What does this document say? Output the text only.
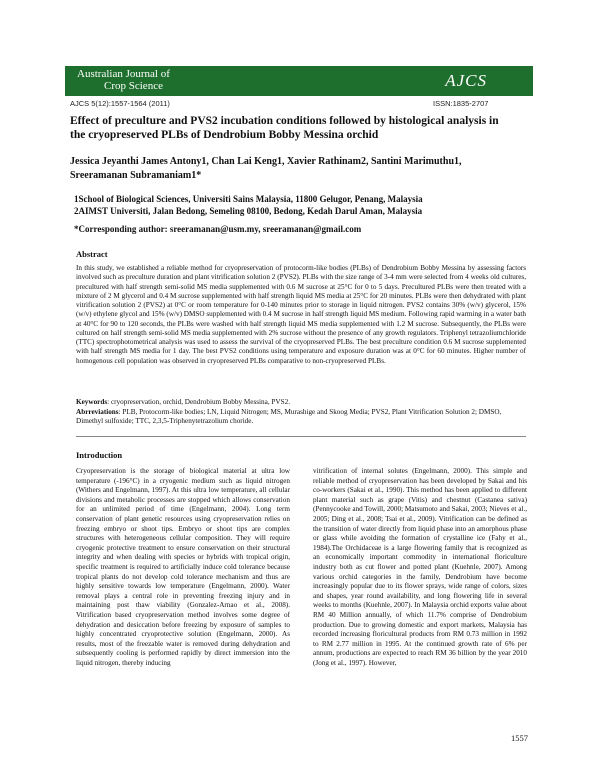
Australian Journal of
Crop Science	AJCS
AJCS 5(12):1557-1564 (2011)	ISSN:1835-2707
Effect of preculture and PVS2 incubation conditions followed by histological analysis in the cryopreserved PLBs of Dendrobium Bobby Messina orchid
Jessica Jeyanthi James Antony1, Chan Lai Keng1, Xavier Rathinam2, Santini Marimuthu1,
Sreeramanan Subramaniam1*
1School of Biological Sciences, Universiti Sains Malaysia, 11800 Gelugor, Penang, Malaysia
2AIMST Universiti, Jalan Bedong, Semeling 08100, Bedong, Kedah Darul Aman, Malaysia
*Corresponding author: sreeramanan@usm.my, sreeramanan@gmail.com
Abstract
In this study, we established a reliable method for cryopreservation of protocorm-like bodies (PLBs) of Dendrobium Bobby Messina by assessing factors involved such as preculture duration and plant vitrification solution 2 (PVS2). PLBs with the size range of 3-4 mm were selected from 4 weeks old cultures, precultured with half strength semi-solid MS media supplemented with 0.6 M sucrose at 25°C for 0 to 5 days. Precultured PLBs were then treated with a mixture of 2 M glycerol and 0.4 M sucrose supplemented with half strength liquid MS media at 25°C for 20 minutes. PLBs were then dehydrated with plant vitrification solution 2 (PVS2) at 0°C or room temperature for 0-140 minutes prior to storage in liquid nitrogen. PVS2 contains 30% (w/v) glycerol, 15% (w/v) ethylene glycol and 15% (w/v) DMSO supplemented with 0.4 M sucrose in half strength liquid MS medium. Following rapid warming in a water bath at 40°C for 90 to 120 seconds, the PLBs were washed with half strength liquid MS media supplemented with 1.2 M sucrose. Subsequently, the PLBs were cultured on half strength semi-solid MS media supplemented with 2% sucrose without the presence of any growth regulators. Triphenyl tetrazoliumchloride (TTC) spectrophotometrical analysis was used to assess the survival of the cryopreserved PLBs. The best preculture condition 0.6 M sucrose supplemented with half strength MS media for 1 day. The best PVS2 conditions using temperature and exposure duration was at 0°C for 60 minutes. Higher number of homogenous cell population was observed in cryopreserved PLBs comparative to non-cryopreserved PLBs.
Keywords: cryopreservation, orchid, Dendrobium Bobby Messina, PVS2.
Abrreviations: PLB, Protocorm-like bodies; LN, Liquid Nitrogen; MS, Murashige and Skoog Media; PVS2, Plant Vitrification Solution 2; DMSO, Dimethyl sulfoxide; TTC, 2,3,5-Triphenytetrazolium choride.
Introduction
Cryopreservation is the storage of biological material at ultra low temperature (-196°C) in a cryogenic medium such as liquid nitrogen (Withers and Engelmann, 1997). At this ultra low temperature, all cellular divisions and metabolic processes are stopped which allows conservation for an unlimited period of time (Engelmann, 2004). Long term conservation of plant genetic resources using cryopreservation relies on freezing embryo or shoot tips. Embryo or shoot tips are complex structures with heterogeneous cellular composition. They will require cryogenic protective treatment to ensure conservation on their structural integrity and when dealing with species or hybrids with tropical origin, specific treatment is required to artificially induce cold tolerance because tropical plants do not develop cold tolerance mechanism and thus are highly sensitive towards low temperature (Engelmann, 2000). Water removal plays a central role in preventing freezing injury and in maintaining post thaw viability (Gonzalez-Arnao et al., 2008). Vitrification based cryopreservation method involves some degree of dehydration and desiccation before freezing by exposure of samples to highly concentrated cryoprotective solution (Engelmann, 2000). As results, most of the freezable water is removed during dehydration and subsequently cooling is performed rapidly by direct immersion into the liquid nitrogen, thereby inducing
vitrification of internal solutes (Engelmann, 2000). This simple and reliable method of cryopreservation has been developed by Sakai and his co-workers (Sakai et al., 1990). This method has been applied to different plant material such as grape (Vitis) and chestnut (Castanea sativa) (Pennycooke and Towill, 2000; Matsumoto and Sakai, 2003; Nieves et al., 2005; Ding et al., 2008; Tsai et al., 2009). Vitrification can be defined as the transition of water directly from liquid phase into an amorphous phase or glass while avoiding the formation of crystalline ice (Fahy et al., 1984).The Orchidaceae is a large flowering family that is recognized as an economically important commodity in international floriculture industry both as cut flower and potted plant (Kuehnle, 2007). Among various orchid categories in the family, Dendrobium have become increasingly popular due to its flower sprays, wide range of colors, sizes and shapes, year round availability, and long flowering life in several weeks to months (Kuehnle, 2007). In Malaysia orchid exports value about RM 40 Million annually, of which 11.7% comprise of Dendrobium production. Due to growing domestic and export markets, Malaysia has recorded increasing floricultural products from RM 0.73 million in 1992 to RM 2.77 million in 1995. At the continued growth rate of 6% per annum, productions are expected to reach RM 36 billion by the year 2010 (Jong et al., 1997). However,
1557
